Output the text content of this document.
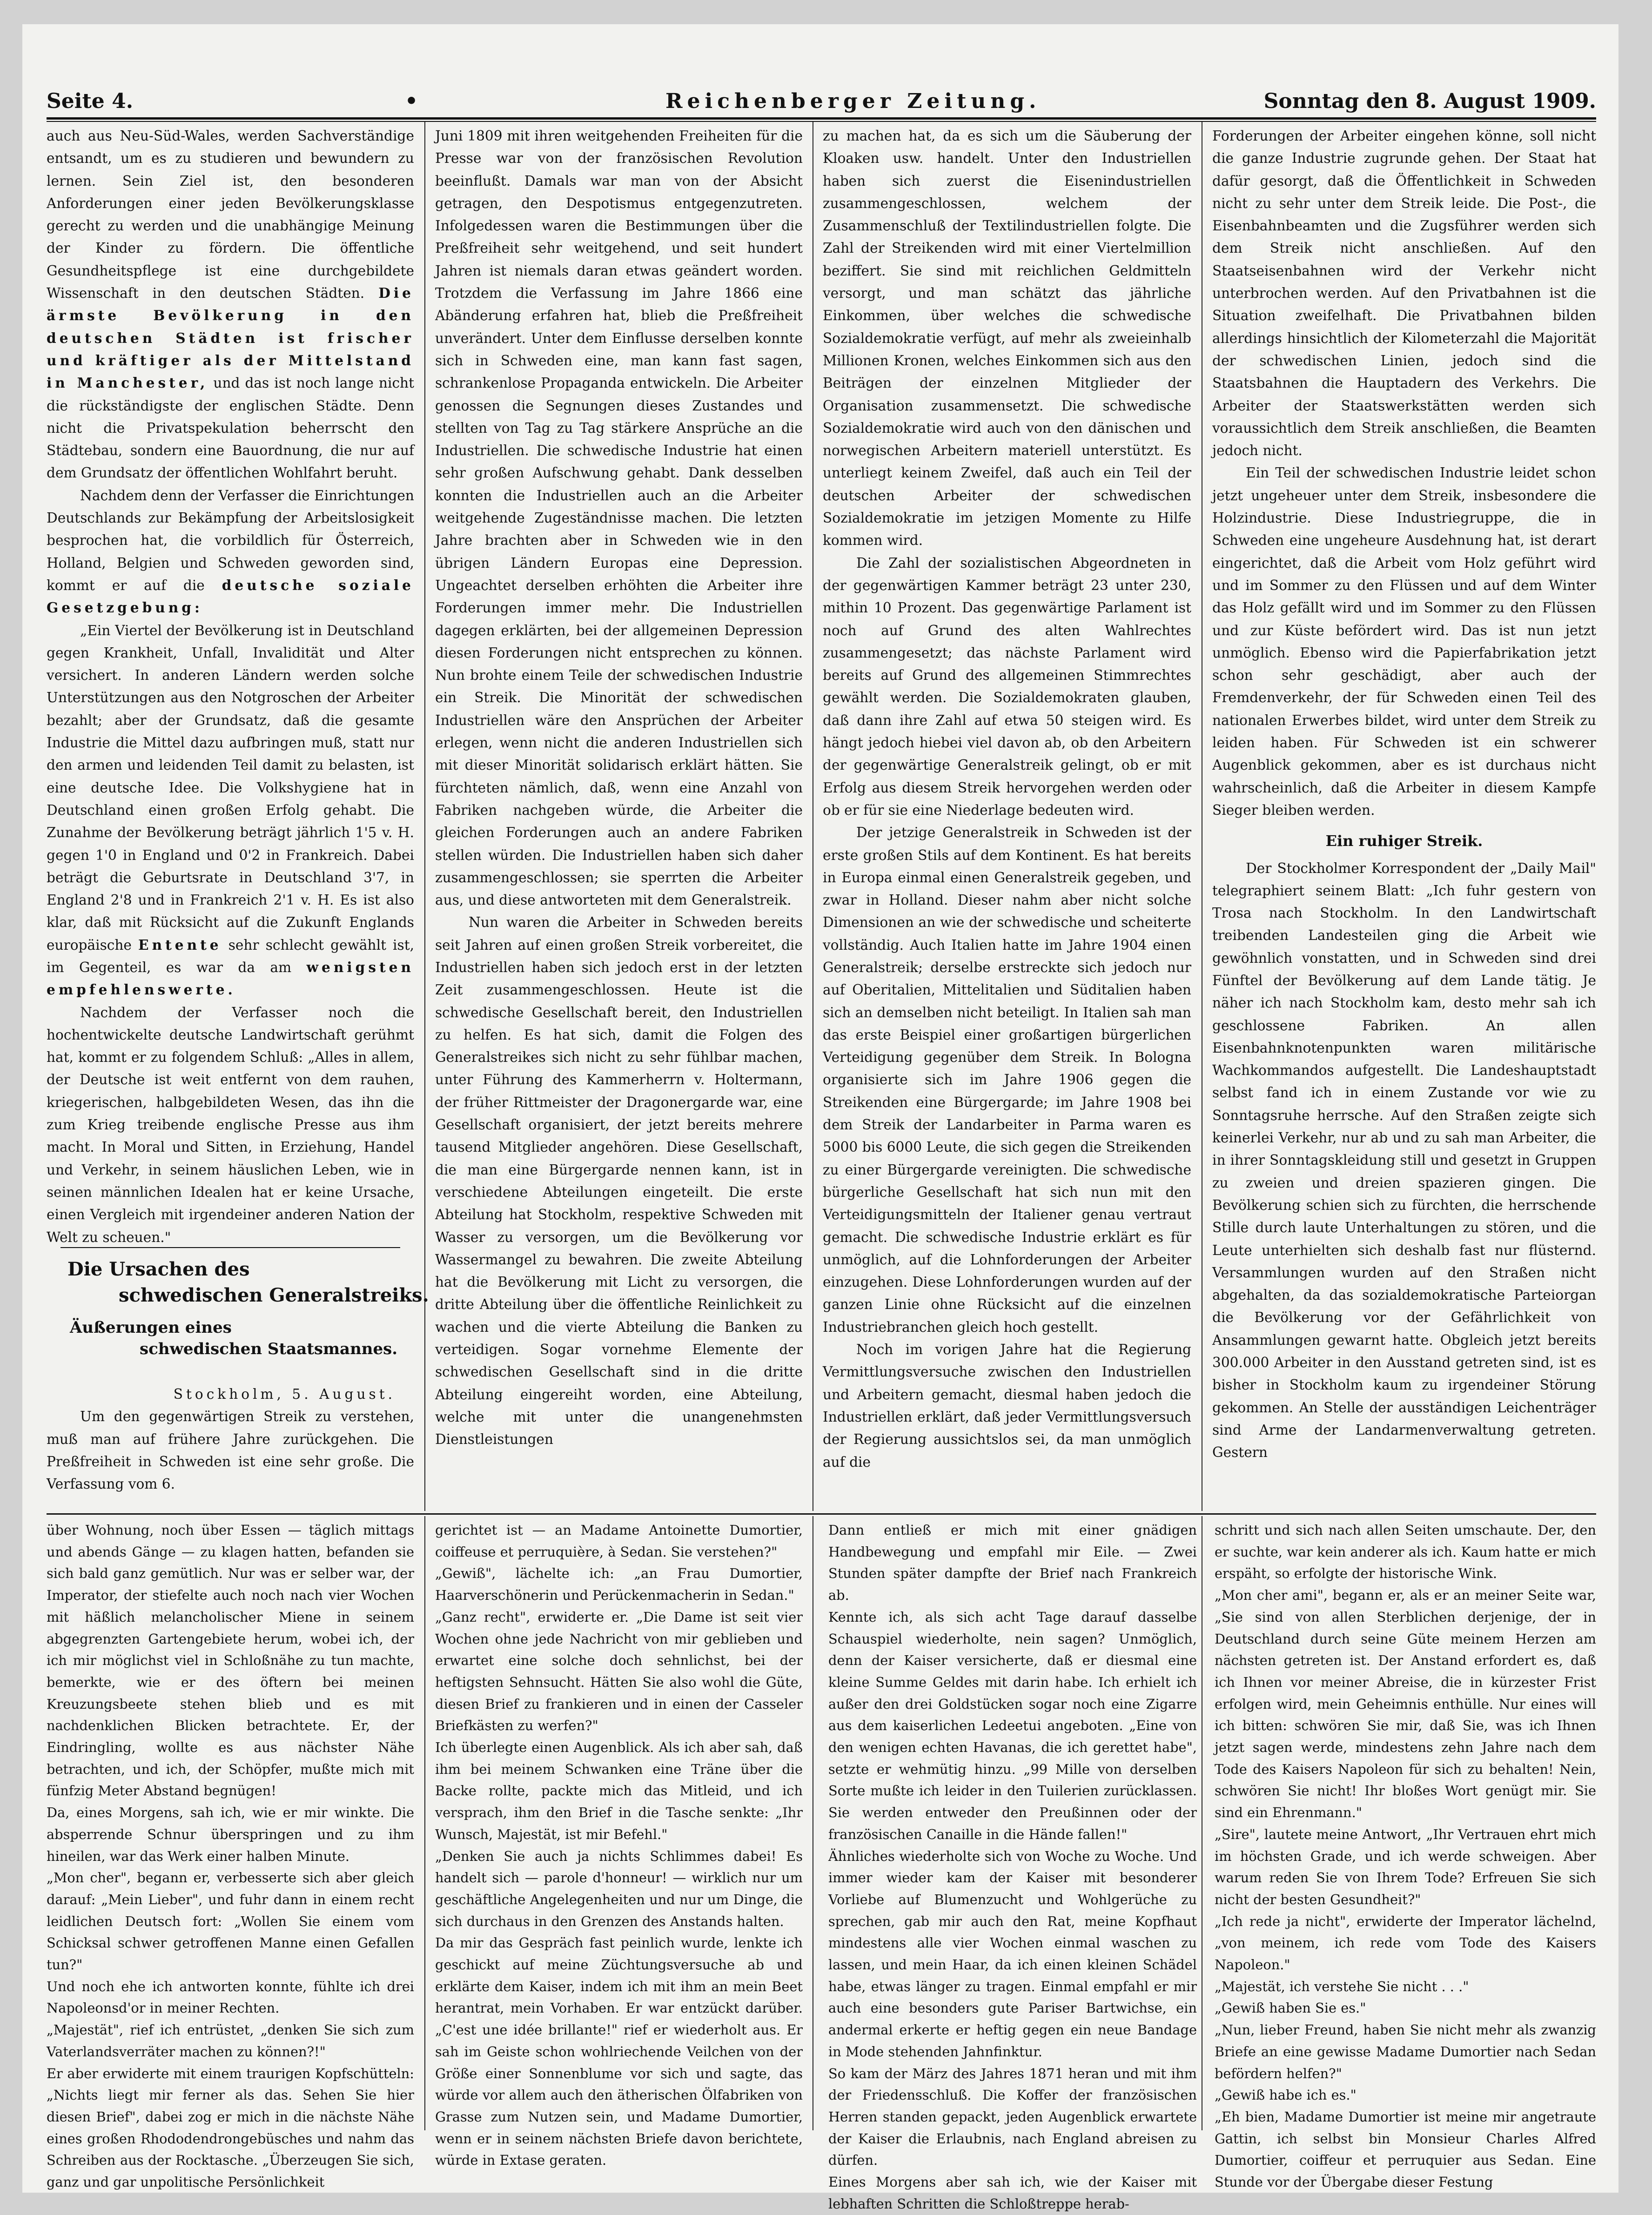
Seite 4.	•	Reichenberger Zeitung.	Sonntag den 8. August 1909.

auch aus Neu-Süd-Wales, werden Sachverständige entsandt, um es zu studieren und bewundern zu lernen. Sein Ziel ist, den besonderen Anforderungen einer jeden Bevölkerungsklasse gerecht zu werden und die unabhängige Meinung der Kinder zu fördern. Die öffentliche Gesundheitspflege ist eine durchgebildete Wissenschaft in den deutschen Städten. Die ärmste Bevölkerung in den deutschen Städten ist frischer und kräftiger als der Mittelstand in Manchester, und das ist noch lange nicht die rückständigste der englischen Städte. Denn nicht die Privatspekulation beherrscht den Städtebau, sondern eine Bauordnung, die nur auf dem Grundsatz der öffentlichen Wohlfahrt beruht.

Nachdem denn der Verfasser die Einrichtungen Deutschlands zur Bekämpfung der Arbeitslosigkeit besprochen hat, die vorbildlich für Österreich, Holland, Belgien und Schweden geworden sind, kommt er auf die deutsche soziale Gesetzgebung:

„Ein Viertel der Bevölkerung ist in Deutschland gegen Krankheit, Unfall, Invalidität und Alter versichert. In anderen Ländern werden solche Unterstützungen aus den Notgroschen der Arbeiter bezahlt; aber der Grundsatz, daß die gesamte Industrie die Mittel dazu aufbringen muß, statt nur den armen und leidenden Teil damit zu belasten, ist eine deutsche Idee. Die Volkshygiene hat in Deutschland einen großen Erfolg gehabt. Die Zunahme der Bevölkerung beträgt jährlich 1'5 v. H. gegen 1'0 in England und 0'2 in Frankreich. Dabei beträgt die Geburtsrate in Deutschland 3'7, in England 2'8 und in Frankreich 2'1 v. H. Es ist also klar, daß mit Rücksicht auf die Zukunft Englands europäische Entente sehr schlecht gewählt ist, im Gegenteil, es war da am wenigsten empfehlenswerte.

Nachdem der Verfasser noch die hochentwickelte deutsche Landwirtschaft gerühmt hat, kommt er zu folgendem Schluß: „Alles in allem, der Deutsche ist weit entfernt von dem rauhen, kriegerischen, halbgebildeten Wesen, das ihn die zum Krieg treibende englische Presse aus ihm macht. In Moral und Sitten, in Erziehung, Handel und Verkehr, in seinem häuslichen Leben, wie in seinen männlichen Idealen hat er keine Ursache, einen Vergleich mit irgendeiner anderen Nation der Welt zu scheuen."

Die Ursachen des
schwedischen Generalstreiks.
Äußerungen eines
schwedischen Staatsmannes.

Stockholm, 5. August.

Um den gegenwärtigen Streik zu verstehen, muß man auf frühere Jahre zurückgehen. Die Preßfreiheit in Schweden ist eine sehr große. Die Verfassung vom 6.

Juni 1809 mit ihren weitgehenden Freiheiten für die Presse war von der französischen Revolution beeinflußt. Damals war man von der Absicht getragen, den Despotismus entgegenzutreten. Infolgedessen waren die Bestimmungen über die Preßfreiheit sehr weitgehend, und seit hundert Jahren ist niemals daran etwas geändert worden. Trotzdem die Verfassung im Jahre 1866 eine Abänderung erfahren hat, blieb die Preßfreiheit unverändert. Unter dem Einflusse derselben konnte sich in Schweden eine, man kann fast sagen, schrankenlose Propaganda entwickeln. Die Arbeiter genossen die Segnungen dieses Zustandes und stellten von Tag zu Tag stärkere Ansprüche an die Industriellen. Die schwedische Industrie hat einen sehr großen Aufschwung gehabt. Dank desselben konnten die Industriellen auch an die Arbeiter weitgehende Zugeständnisse machen. Die letzten Jahre brachten aber in Schweden wie in den übrigen Ländern Europas eine Depression. Ungeachtet derselben erhöhten die Arbeiter ihre Forderungen immer mehr. Die Industriellen dagegen erklärten, bei der allgemeinen Depression diesen Forderungen nicht entsprechen zu können. Nun brohte einem Teile der schwedischen Industrie ein Streik. Die Minorität der schwedischen Industriellen wäre den Ansprüchen der Arbeiter erlegen, wenn nicht die anderen Industriellen sich mit dieser Minorität solidarisch erklärt hätten. Sie fürchteten nämlich, daß, wenn eine Anzahl von Fabriken nachgeben würde, die Arbeiter die gleichen Forderungen auch an andere Fabriken stellen würden. Die Industriellen haben sich daher zusammengeschlossen; sie sperrten die Arbeiter aus, und diese antworteten mit dem Generalstreik.

Nun waren die Arbeiter in Schweden bereits seit Jahren auf einen großen Streik vorbereitet, die Industriellen haben sich jedoch erst in der letzten Zeit zusammengeschlossen. Heute ist die schwedische Gesellschaft bereit, den Industriellen zu helfen. Es hat sich, damit die Folgen des Generalstreikes sich nicht zu sehr fühlbar machen, unter Führung des Kammerherrn v. Holtermann, der früher Rittmeister der Dragonergarde war, eine Gesellschaft organisiert, der jetzt bereits mehrere tausend Mitglieder angehören. Diese Gesellschaft, die man eine Bürgergarde nennen kann, ist in verschiedene Abteilungen eingeteilt. Die erste Abteilung hat Stockholm, respektive Schweden mit Wasser zu versorgen, um die Bevölkerung vor Wassermangel zu bewahren. Die zweite Abteilung hat die Bevölkerung mit Licht zu versorgen, die dritte Abteilung über die öffentliche Reinlichkeit zu wachen und die vierte Abteilung die Banken zu verteidigen. Sogar vornehme Elemente der schwedischen Gesellschaft sind in die dritte Abteilung eingereiht worden, eine Abteilung, welche mit unter die unangenehmsten Dienstleistungen

zu machen hat, da es sich um die Säuberung der Kloaken usw. handelt. Unter den Industriellen haben sich zuerst die Eisenindustriellen zusammengeschlossen, welchem der Zusammenschluß der Textilindustriellen folgte. Die Zahl der Streikenden wird mit einer Viertelmillion beziffert. Sie sind mit reichlichen Geldmitteln versorgt, und man schätzt das jährliche Einkommen, über welches die schwedische Sozialdemokratie verfügt, auf mehr als zweieinhalb Millionen Kronen, welches Einkommen sich aus den Beiträgen der einzelnen Mitglieder der Organisation zusammensetzt. Die schwedische Sozialdemokratie wird auch von den dänischen und norwegischen Arbeitern materiell unterstützt. Es unterliegt keinem Zweifel, daß auch ein Teil der deutschen Arbeiter der schwedischen Sozialdemokratie im jetzigen Momente zu Hilfe kommen wird.

Die Zahl der sozialistischen Abgeordneten in der gegenwärtigen Kammer beträgt 23 unter 230, mithin 10 Prozent. Das gegenwärtige Parlament ist noch auf Grund des alten Wahlrechtes zusammengesetzt; das nächste Parlament wird bereits auf Grund des allgemeinen Stimmrechtes gewählt werden. Die Sozialdemokraten glauben, daß dann ihre Zahl auf etwa 50 steigen wird. Es hängt jedoch hiebei viel davon ab, ob den Arbeitern der gegenwärtige Generalstreik gelingt, ob er mit Erfolg aus diesem Streik hervorgehen werden oder ob er für sie eine Niederlage bedeuten wird.

Der jetzige Generalstreik in Schweden ist der erste großen Stils auf dem Kontinent. Es hat bereits in Europa einmal einen Generalstreik gegeben, und zwar in Holland. Dieser nahm aber nicht solche Dimensionen an wie der schwedische und scheiterte vollständig. Auch Italien hatte im Jahre 1904 einen Generalstreik; derselbe erstreckte sich jedoch nur auf Oberitalien, Mittelitalien und Süditalien haben sich an demselben nicht beteiligt. In Italien sah man das erste Beispiel einer großartigen bürgerlichen Verteidigung gegenüber dem Streik. In Bologna organisierte sich im Jahre 1906 gegen die Streikenden eine Bürgergarde; im Jahre 1908 bei dem Streik der Landarbeiter in Parma waren es 5000 bis 6000 Leute, die sich gegen die Streikenden zu einer Bürgergarde vereinigten. Die schwedische bürgerliche Gesellschaft hat sich nun mit den Verteidigungsmitteln der Italiener genau vertraut gemacht. Die schwedische Industrie erklärt es für unmöglich, auf die Lohnforderungen der Arbeiter einzugehen. Diese Lohnforderungen wurden auf der ganzen Linie ohne Rücksicht auf die einzelnen Industriebranchen gleich hoch gestellt.

Noch im vorigen Jahre hat die Regierung Vermittlungsversuche zwischen den Industriellen und Arbeitern gemacht, diesmal haben jedoch die Industriellen erklärt, daß jeder Vermittlungsversuch der Regierung aussichtslos sei, da man unmöglich auf die

Forderungen der Arbeiter eingehen könne, soll nicht die ganze Industrie zugrunde gehen. Der Staat hat dafür gesorgt, daß die Öffentlichkeit in Schweden nicht zu sehr unter dem Streik leide. Die Post-, die Eisenbahnbeamten und die Zugsführer werden sich dem Streik nicht anschließen. Auf den Staatseisenbahnen wird der Verkehr nicht unterbrochen werden. Auf den Privatbahnen ist die Situation zweifelhaft. Die Privatbahnen bilden allerdings hinsichtlich der Kilometerzahl die Majorität der schwedischen Linien, jedoch sind die Staatsbahnen die Hauptadern des Verkehrs. Die Arbeiter der Staatswerkstätten werden sich voraussichtlich dem Streik anschließen, die Beamten jedoch nicht.

Ein Teil der schwedischen Industrie leidet schon jetzt ungeheuer unter dem Streik, insbesondere die Holzindustrie. Diese Industriegruppe, die in Schweden eine ungeheure Ausdehnung hat, ist derart eingerichtet, daß die Arbeit vom Holz geführt wird und im Sommer zu den Flüssen und auf dem Winter das Holz gefällt wird und im Sommer zu den Flüssen und zur Küste befördert wird. Das ist nun jetzt unmöglich. Ebenso wird die Papierfabrikation jetzt schon sehr geschädigt, aber auch der Fremdenverkehr, der für Schweden einen Teil des nationalen Erwerbes bildet, wird unter dem Streik zu leiden haben. Für Schweden ist ein schwerer Augenblick gekommen, aber es ist durchaus nicht wahrscheinlich, daß die Arbeiter in diesem Kampfe Sieger bleiben werden.

Ein ruhiger Streik.

Der Stockholmer Korrespondent der „Daily Mail" telegraphiert seinem Blatt: „Ich fuhr gestern von Trosa nach Stockholm. In den Landwirtschaft treibenden Landesteilen ging die Arbeit wie gewöhnlich vonstatten, und in Schweden sind drei Fünftel der Bevölkerung auf dem Lande tätig. Je näher ich nach Stockholm kam, desto mehr sah ich geschlossene Fabriken. An allen Eisenbahnknotenpunkten waren militärische Wachkommandos aufgestellt. Die Landeshauptstadt selbst fand ich in einem Zustande vor wie zu Sonntagsruhe herrsche. Auf den Straßen zeigte sich keinerlei Verkehr, nur ab und zu sah man Arbeiter, die in ihrer Sonntagskleidung still und gesetzt in Gruppen zu zweien und dreien spazieren gingen. Die Bevölkerung schien sich zu fürchten, die herrschende Stille durch laute Unterhaltungen zu stören, und die Leute unterhielten sich deshalb fast nur flüsternd. Versammlungen wurden auf den Straßen nicht abgehalten, da das sozialdemokratische Parteiorgan die Bevölkerung vor der Gefährlichkeit von Ansammlungen gewarnt hatte. Obgleich jetzt bereits 300.000 Arbeiter in den Ausstand getreten sind, ist es bisher in Stockholm kaum zu irgendeiner Störung gekommen. An Stelle der ausständigen Leichenträger sind Arme der Landarmenverwaltung getreten. Gestern

über Wohnung, noch über Essen — täglich mittags und abends Gänge — zu klagen hatten, befanden sie sich bald ganz gemütlich. Nur was er selber war, der Imperator, der stiefelte auch noch nach vier Wochen mit häßlich melancholischer Miene in seinem abgegrenzten Gartengebiete herum, wobei ich, der ich mir möglichst viel in Schloßnähe zu tun machte, bemerkte, wie er des öftern bei meinen Kreuzungsbeete stehen blieb und es mit nachdenklichen Blicken betrachtete. Er, der Eindringling, wollte es aus nächster Nähe betrachten, und ich, der Schöpfer, mußte mich mit fünfzig Meter Abstand begnügen!
Da, eines Morgens, sah ich, wie er mir winkte. Die absperrende Schnur überspringen und zu ihm hineilen, war das Werk einer halben Minute.
„Mon cher", begann er, verbesserte sich aber gleich darauf: „Mein Lieber", und fuhr dann in einem recht leidlichen Deutsch fort: „Wollen Sie einem vom Schicksal schwer getroffenen Manne einen Gefallen tun?"
Und noch ehe ich antworten konnte, fühlte ich drei Napoleonsd'or in meiner Rechten.
„Majestät", rief ich entrüstet, „denken Sie sich zum Vaterlandsverräter machen zu können?!"
Er aber erwiderte mit einem traurigen Kopfschütteln: „Nichts liegt mir ferner als das. Sehen Sie hier diesen Brief", dabei zog er mich in die nächste Nähe eines großen Rhododendrongebüsches und nahm das Schreiben aus der Rocktasche. „Überzeugen Sie sich, ganz und gar unpolitische Persönlichkeit

gerichtet ist — an Madame Antoinette Dumortier, coiffeuse et perruquière, à Sedan. Sie verstehen?"
„Gewiß", lächelte ich: „an Frau Dumortier, Haarverschönerin und Perückenmacherin in Sedan."
„Ganz recht", erwiderte er. „Die Dame ist seit vier Wochen ohne jede Nachricht von mir geblieben und erwartet eine solche doch sehnlichst, bei der heftigsten Sehnsucht. Hätten Sie also wohl die Güte, diesen Brief zu frankieren und in einen der Casseler Briefkästen zu werfen?"
Ich überlegte einen Augenblick. Als ich aber sah, daß ihm bei meinem Schwanken eine Träne über die Backe rollte, packte mich das Mitleid, und ich versprach, ihm den Brief in die Tasche senkte: „Ihr Wunsch, Majestät, ist mir Befehl."
„Denken Sie auch ja nichts Schlimmes dabei! Es handelt sich — parole d'honneur! — wirklich nur um geschäftliche Angelegenheiten und nur um Dinge, die sich durchaus in den Grenzen des Anstands halten.
Da mir das Gespräch fast peinlich wurde, lenkte ich geschickt auf meine Züchtungsversuche ab und erklärte dem Kaiser, indem ich mit ihm an mein Beet herantrat, mein Vorhaben. Er war entzückt darüber. „C'est une idée brillante!" rief er wiederholt aus. Er sah im Geiste schon wohlriechende Veilchen von der Größe einer Sonnenblume vor sich und sagte, das würde vor allem auch den ätherischen Ölfabriken von Grasse zum Nutzen sein, und Madame Dumortier, wenn er in seinem nächsten Briefe davon berichtete, würde in Extase geraten.

Dann entließ er mich mit einer gnädigen Handbewegung und empfahl mir Eile. — Zwei Stunden später dampfte der Brief nach Frankreich ab.
Kennte ich, als sich acht Tage darauf dasselbe Schauspiel wiederholte, nein sagen? Unmöglich, denn der Kaiser versicherte, daß er diesmal eine kleine Summe Geldes mit darin habe. Ich erhielt ich außer den drei Goldstücken sogar noch eine Zigarre aus dem kaiserlichen Ledeetui angeboten. „Eine von den wenigen echten Havanas, die ich gerettet habe", setzte er wehmütig hinzu. „99 Mille von derselben Sorte mußte ich leider in den Tuilerien zurücklassen. Sie werden entweder den Preußinnen oder der französischen Canaille in die Hände fallen!"
Ähnliches wiederholte sich von Woche zu Woche. Und immer wieder kam der Kaiser mit besonderer Vorliebe auf Blumenzucht und Wohlgerüche zu sprechen, gab mir auch den Rat, meine Kopfhaut mindestens alle vier Wochen einmal waschen zu lassen, und mein Haar, da ich einen kleinen Schädel habe, etwas länger zu tragen. Einmal empfahl er mir auch eine besonders gute Pariser Bartwichse, ein andermal erkerte er heftig gegen ein neue Bandage in Mode stehenden Jahnfinktur.
So kam der März des Jahres 1871 heran und mit ihm der Friedensschluß. Die Koffer der französischen Herren standen gepackt, jeden Augenblick erwartete der Kaiser die Erlaubnis, nach England abreisen zu dürfen.
Eines Morgens aber sah ich, wie der Kaiser mit lebhaften Schritten die Schloßtreppe herab-

schritt und sich nach allen Seiten umschaute. Der, den er suchte, war kein anderer als ich. Kaum hatte er mich erspäht, so erfolgte der historische Wink.
„Mon cher ami", begann er, als er an meiner Seite war, „Sie sind von allen Sterblichen derjenige, der in Deutschland durch seine Güte meinem Herzen am nächsten getreten ist. Der Anstand erfordert es, daß ich Ihnen vor meiner Abreise, die in kürzester Frist erfolgen wird, mein Geheimnis enthülle. Nur eines will ich bitten: schwören Sie mir, daß Sie, was ich Ihnen jetzt sagen werde, mindestens zehn Jahre nach dem Tode des Kaisers Napoleon für sich zu behalten! Nein, schwören Sie nicht! Ihr bloßes Wort genügt mir. Sie sind ein Ehrenmann."
„Sire", lautete meine Antwort, „Ihr Vertrauen ehrt mich im höchsten Grade, und ich werde schweigen. Aber warum reden Sie von Ihrem Tode? Erfreuen Sie sich nicht der besten Gesundheit?"
„Ich rede ja nicht", erwiderte der Imperator lächelnd, „von meinem, ich rede vom Tode des Kaisers Napoleon."
„Majestät, ich verstehe Sie nicht . . ."
„Gewiß haben Sie es."
„Nun, lieber Freund, haben Sie nicht mehr als zwanzig Briefe an eine gewisse Madame Dumortier nach Sedan befördern helfen?"
„Gewiß habe ich es."
„Eh bien, Madame Dumortier ist meine mir angetraute Gattin, ich selbst bin Monsieur Charles Alfred Dumortier, coiffeur et perruquier aus Sedan. Eine Stunde vor der Übergabe dieser Festung
